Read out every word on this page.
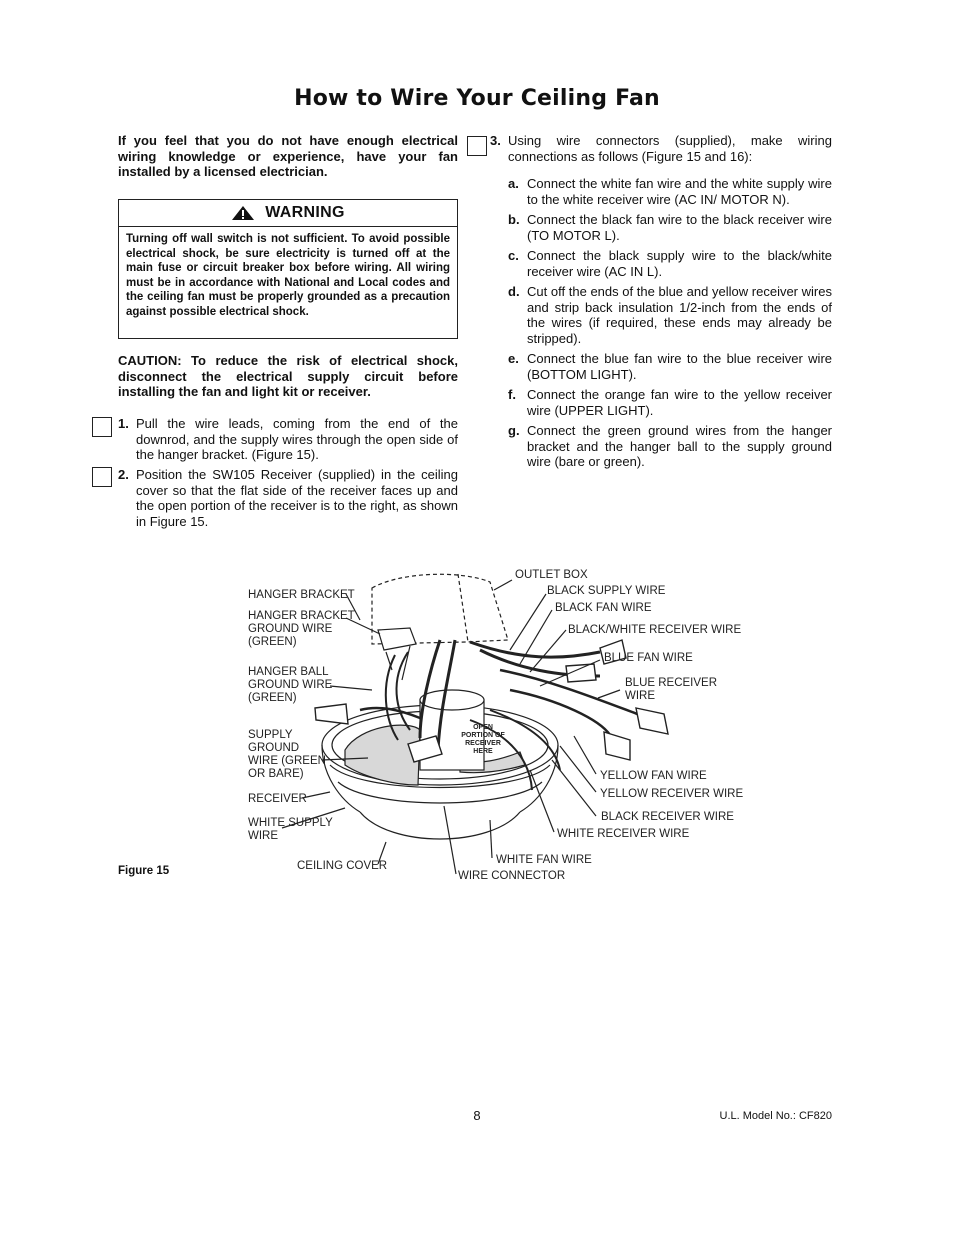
How to Wire Your Ceiling Fan

If you feel that you do not have enough electrical wiring knowledge or experience, have your fan installed by a licensed electrician.

WARNING

Turning off wall switch is not sufficient. To avoid possible electrical shock, be sure electricity is turned off at the main fuse or circuit breaker box before wiring. All wiring must be in accordance with National and Local codes and the ceiling fan must be properly grounded as a precaution against possible electrical shock.

CAUTION: To reduce the risk of electrical shock, disconnect the electrical supply circuit before installing the fan and light kit or receiver.

1. Pull the wire leads, coming from the end of the downrod, and the supply wires through the open side of the hanger bracket. (Figure 15).
2. Position the SW105 Receiver (supplied) in the ceiling cover so that the flat side of the receiver faces up and the open portion of the receiver is to the right, as shown in Figure 15.
3. Using wire connectors (supplied), make wiring connections as follows (Figure 15 and 16):
a. Connect the white fan wire and the white supply wire to the white receiver wire (AC IN/ MOTOR N).
b. Connect the black fan wire to the black receiver wire (TO MOTOR L).
c. Connect the black supply wire to the black/white receiver wire (AC IN L).
d. Cut off the ends of the blue and yellow receiver wires and strip back insulation 1/2-inch from the ends of the wires (if required, these ends may already be stripped).
e. Connect the blue fan wire to the blue receiver wire (BOTTOM LIGHT).
f. Connect the orange fan wire to the yellow receiver wire (UPPER LIGHT).
g. Connect the green ground wires from the hanger bracket and the hanger ball to the supply ground wire (bare or green).
OPEN
PORTION OF
RECEIVER
HERE
HANGER BRACKET
HANGER BRACKET
GROUND WIRE
(GREEN)
HANGER BALL
GROUND WIRE
(GREEN)
SUPPLY
GROUND
WIRE (GREEN
OR BARE)
RECEIVER
WHITE SUPPLY
WIRE
CEILING COVER
OUTLET BOX
BLACK SUPPLY WIRE
BLACK FAN WIRE
BLACK/WHITE RECEIVER WIRE
BLUE FAN WIRE
BLUE RECEIVER
WIRE
YELLOW FAN WIRE
YELLOW RECEIVER WIRE
BLACK RECEIVER WIRE
WHITE RECEIVER WIRE
WHITE FAN WIRE
WIRE CONNECTOR
Figure 15
8	U.L. Model No.: CF820
